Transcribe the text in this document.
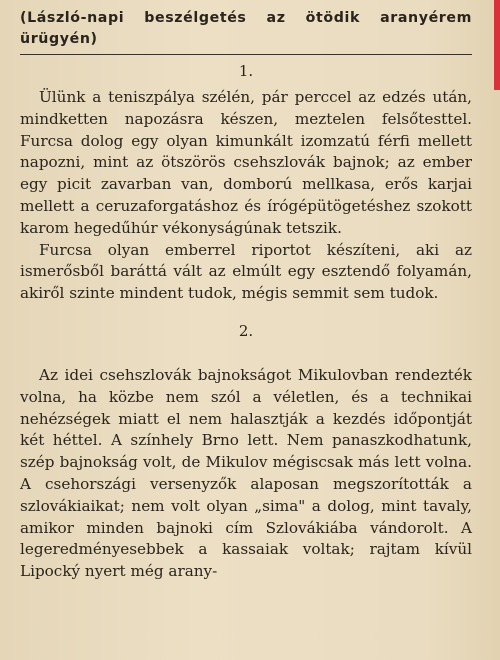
(László-napi beszélgetés az ötödik aranyérem ürügyén)

1.

Ülünk a teniszpálya szélén, pár perccel az edzés után, mindketten napozásra készen, meztelen felsőtesttel. Furcsa dolog egy olyan kimunkált izomzatú férfi mellett napozni, mint az ötszörös csehszlovák bajnok; az ember egy picit zavarban van, domború mellkasa, erős karjai mellett a ceruzaforgatáshoz és írógépütögetéshez szokott karom hegedűhúr vékonyságúnak tetszik.

Furcsa olyan emberrel riportot készíteni, aki az ismerősből baráttá vált az elmúlt egy esztendő folyamán, akiről szinte mindent tudok, mégis semmit sem tudok.

2.

Az idei csehszlovák bajnokságot Mikulovban rendezték volna, ha közbe nem szól a véletlen, és a technikai nehézségek miatt el nem halasztják a kezdés időpontját két héttel. A színhely Brno lett. Nem panaszkodhatunk, szép bajnokság volt, de Mikulov mégiscsak más lett volna. A csehországi versenyzők alaposan megszorították a szlovákiaikat; nem volt olyan „sima" a dolog, mint tavaly, amikor minden bajnoki cím Szlovákiába vándorolt. A legeredményesebbek a kassaiak voltak; rajtam kívül Lipocký nyert még arany-
